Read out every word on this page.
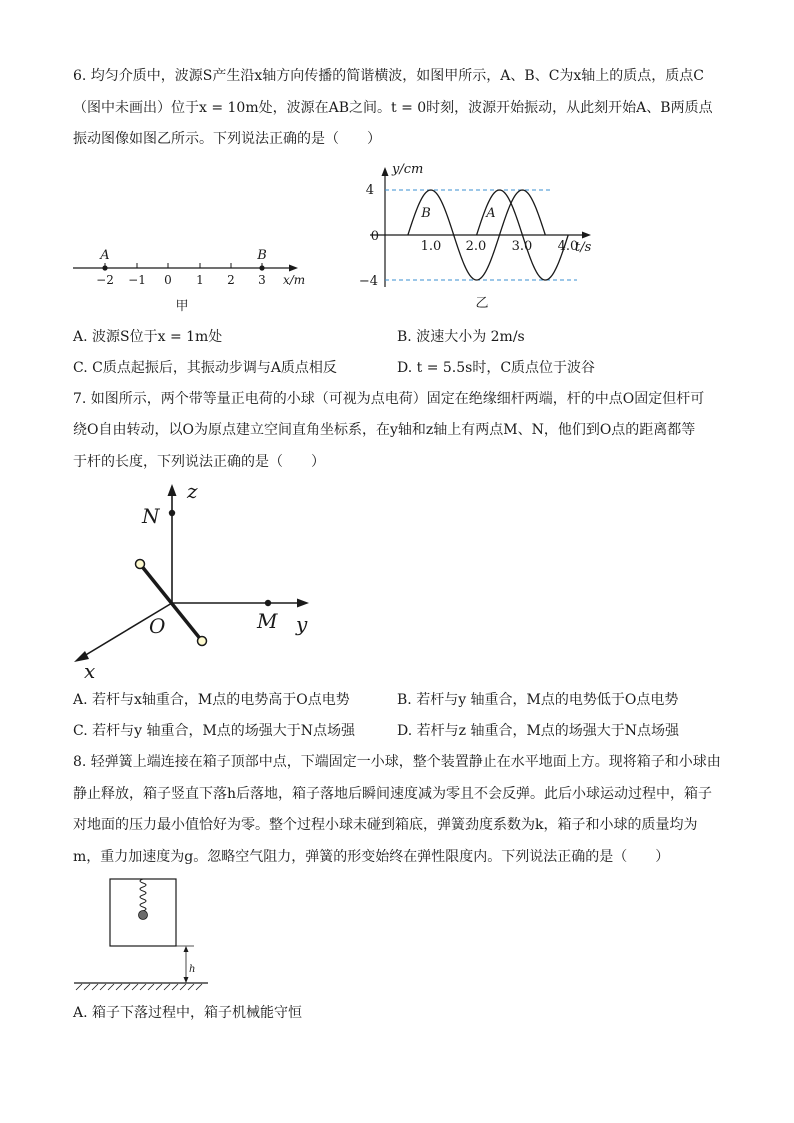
6. 均匀介质中，波源S产生沿x轴方向传播的简谐横波，如图甲所示，A、B、C为x轴上的质点，质点C
（图中未画出）位于x = 10m处，波源在AB之间。t = 0时刻，波源开始振动，从此刻开始A、B两质点
振动图像如图乙所示。下列说法正确的是（　　）
A	B
−2 −1 0 1 2 3 x/m
甲
y/cm
t/s
4
0
−4
1.0 2.0 3.0 4.0
B	A
乙
A. 波源S位于x = 1m处	B. 波速大小为 2m/s
C. C质点起振后，其振动步调与A质点相反	D. t = 5.5s时，C质点位于波谷
7. 如图所示，两个带等量正电荷的小球（可视为点电荷）固定在绝缘细杆两端，杆的中点O固定但杆可
绕O自由转动，以O为原点建立空间直角坐标系，在y轴和z轴上有两点M、N，他们到O点的距离都等
于杆的长度，下列说法正确的是（　　）
z
y
x
N
M
O
A. 若杆与x轴重合，M点的电势高于O点电势	B. 若杆与y 轴重合，M点的电势低于O点电势
C. 若杆与y 轴重合，M点的场强大于N点场强	D. 若杆与z 轴重合，M点的场强大于N点场强
8. 轻弹簧上端连接在箱子顶部中点，下端固定一小球，整个装置静止在水平地面上方。现将箱子和小球由
静止释放，箱子竖直下落h后落地，箱子落地后瞬间速度减为零且不会反弹。此后小球运动过程中，箱子
对地面的压力最小值恰好为零。整个过程小球未碰到箱底，弹簧劲度系数为k，箱子和小球的质量均为
m，重力加速度为g。忽略空气阻力，弹簧的形变始终在弹性限度内。下列说法正确的是（　　）
h
A. 箱子下落过程中，箱子机械能守恒
